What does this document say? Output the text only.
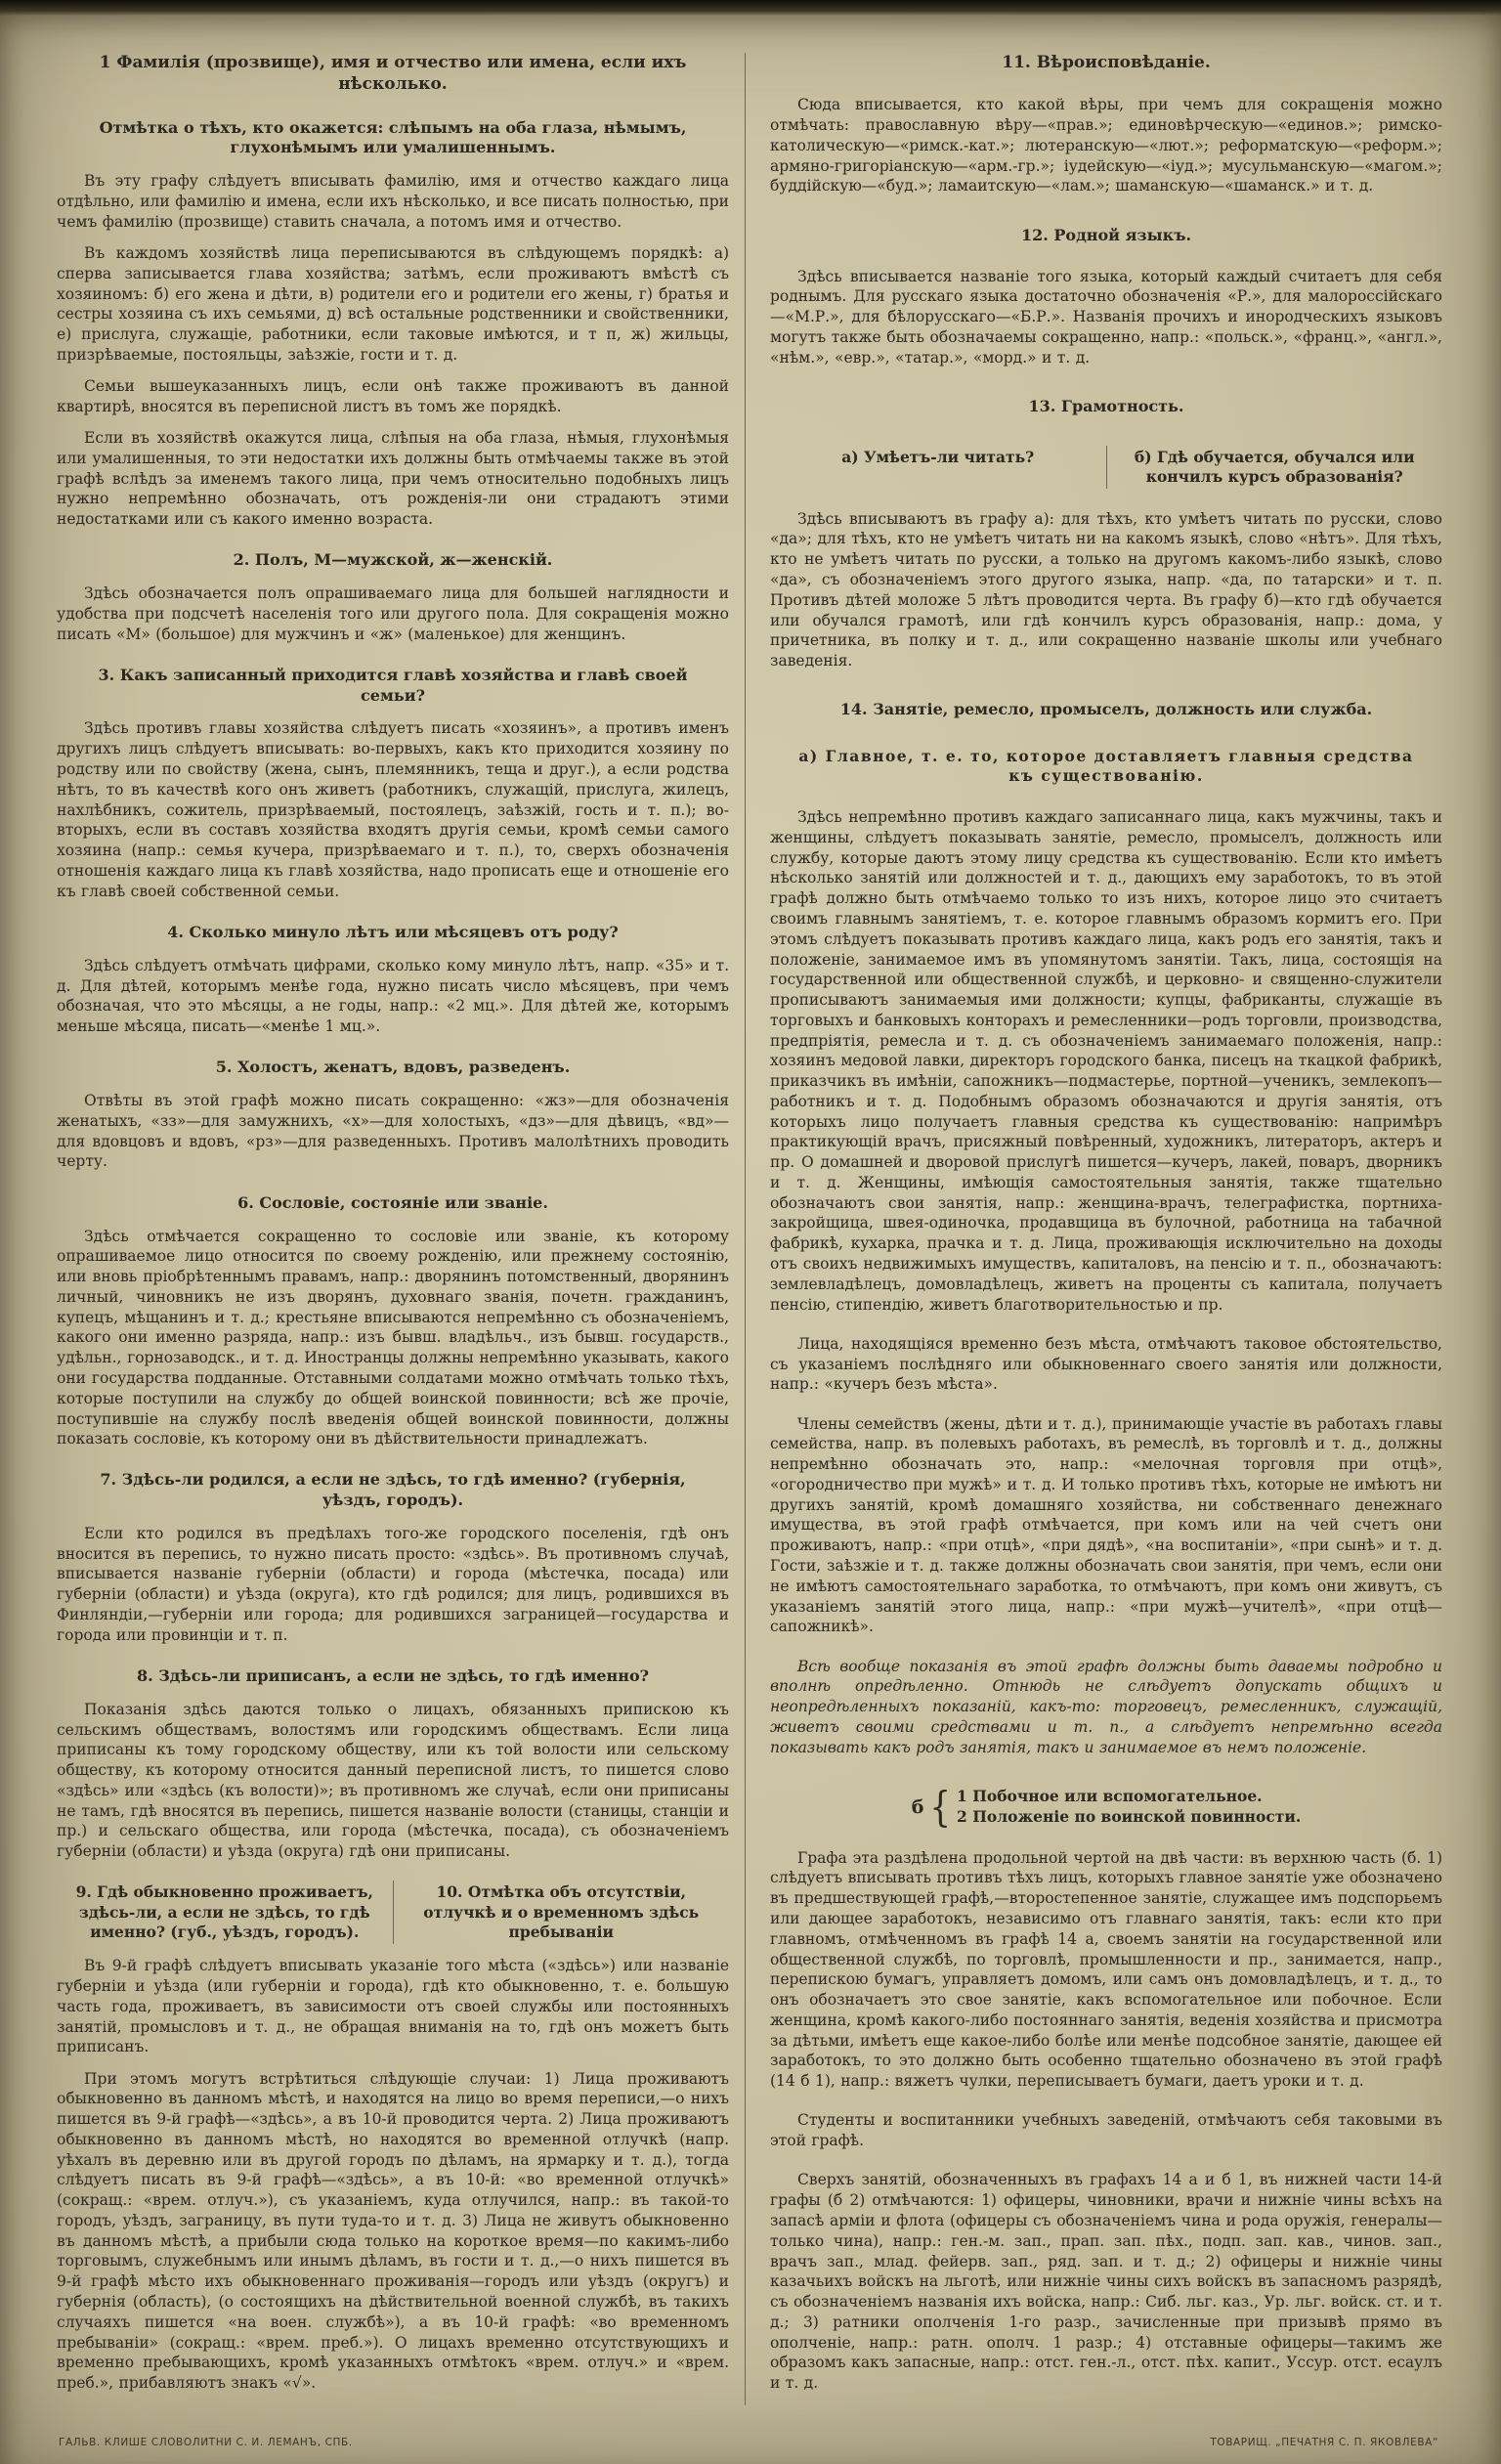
1 Фамилія (прозвище), имя и отчество или имена, если ихъ нѣсколько.
Отмѣтка о тѣхъ, кто окажется: слѣпымъ на оба глаза, нѣмымъ, глухонѣмымъ или умалишеннымъ.

Въ эту графу слѣдуетъ вписывать фамилію, имя и отчество каждаго лица отдѣльно, или фамилію и имена, если ихъ нѣсколько, и все писать полностью, при чемъ фамилію (прозвище) ставить сначала, а потомъ имя и отчество.

Въ каждомъ хозяйствѣ лица переписываются въ слѣдующемъ порядкѣ: а) сперва записывается глава хозяйства; затѣмъ, если проживаютъ вмѣстѣ съ хозяиномъ: б) его жена и дѣти, в) родители его и родители его жены, г) братья и сестры хозяина съ ихъ семьями, д) всѣ остальные родственники и свойственники, е) прислуга, служащіе, работники, если таковые имѣются, и т п, ж) жильцы, призрѣваемые, постояльцы, заѣзжіе, гости и т. д.

Семьи вышеуказанныхъ лицъ, если онѣ также проживаютъ въ данной квартирѣ, вносятся въ переписной листъ въ томъ же порядкѣ.

Если въ хозяйствѣ окажутся лица, слѣпыя на оба глаза, нѣмыя, глухонѣмыя или умалишенныя, то эти недостатки ихъ должны быть отмѣчаемы также въ этой графѣ вслѣдъ за именемъ такого лица, при чемъ относительно подобныхъ лицъ нужно непремѣнно обозначать, отъ рожденія-ли они страдаютъ этими недостатками или съ какого именно возраста.

2. Полъ, М—мужской, ж—женскій.

Здѣсь обозначается полъ опрашиваемаго лица для большей наглядности и удобства при подсчетѣ населенія того или другого пола. Для сокращенія можно писать «М» (большое) для мужчинъ и «ж» (маленькое) для женщинъ.

3. Какъ записанный приходится главѣ хозяйства и главѣ своей семьи?

Здѣсь противъ главы хозяйства слѣдуетъ писать «хозяинъ», а противъ именъ другихъ лицъ слѣдуетъ вписывать: во-первыхъ, какъ кто приходится хозяину по родству или по свойству (жена, сынъ, племянникъ, теща и друг.), а если родства нѣтъ, то въ качествѣ кого онъ живетъ (работникъ, служащій, прислуга, жилецъ, нахлѣбникъ, сожитель, призрѣваемый, постоялецъ, заѣзжій, гость и т. п.); во-вторыхъ, если въ составъ хозяйства входятъ другія семьи, кромѣ семьи самого хозяина (напр.: семья кучера, призрѣваемаго и т. п.), то, сверхъ обозначенія отношенія каждаго лица къ главѣ хозяйства, надо прописать еще и отношеніе его къ главѣ своей собственной семьи.

4. Сколько минуло лѣтъ или мѣсяцевъ отъ роду?

Здѣсь слѣдуетъ отмѣчать цифрами, сколько кому минуло лѣтъ, напр. «35» и т. д. Для дѣтей, которымъ менѣе года, нужно писать число мѣсяцевъ, при чемъ обозначая, что это мѣсяцы, а не годы, напр.: «2 мц.». Для дѣтей же, которымъ меньше мѣсяца, писать—«менѣе 1 мц.».

5. Холостъ, женатъ, вдовъ, разведенъ.

Отвѣты въ этой графѣ можно писать сокращенно: «жз»—для обозначенія женатыхъ, «зз»—для замужнихъ, «х»—для холостыхъ, «дз»—для дѣвицъ, «вд»—для вдовцовъ и вдовъ, «рз»—для разведенныхъ. Противъ малолѣтнихъ проводить черту.

6. Сословіе, состояніе или званіе.

Здѣсь отмѣчается сокращенно то сословіе или званіе, къ которому опрашиваемое лицо относится по своему рожденію, или прежнему состоянію, или вновь пріобрѣтеннымъ правамъ, напр.: дворянинъ потомственный, дворянинъ личный, чиновникъ не изъ дворянъ, духовнаго званія, почетн. гражданинъ, купецъ, мѣщанинъ и т. д.; крестьяне вписываются непремѣнно съ обозначеніемъ, какого они именно разряда, напр.: изъ бывш. владѣльч., изъ бывш. государств., удѣльн., горнозаводск., и т. д. Иностранцы должны непремѣнно указывать, какого они государства подданные. Отставными солдатами можно отмѣчать только тѣхъ, которые поступили на службу до общей воинской повинности; всѣ же прочіе, поступившіе на службу послѣ введенія общей воинской повинности, должны показать сословіе, къ которому они въ дѣйствительности принадлежатъ.

7. Здѣсь-ли родился, а если не здѣсь, то гдѣ именно? (губернія, уѣздъ, городъ).

Если кто родился въ предѣлахъ того-же городского поселенія, гдѣ онъ вносится въ перепись, то нужно писать просто: «здѣсь». Въ противномъ случаѣ, вписывается названіе губерніи (области) и города (мѣстечка, посада) или губерніи (области) и уѣзда (округа), кто гдѣ родился; для лицъ, родившихся въ Финляндіи,—губерніи или города; для родившихся заграницей—государства и города или провинціи и т. п.

8. Здѣсь-ли приписанъ, а если не здѣсь, то гдѣ именно?

Показанія здѣсь даются только о лицахъ, обязанныхъ припискою къ сельскимъ обществамъ, волостямъ или городскимъ обществамъ. Если лица приписаны къ тому городскому обществу, или къ той волости или сельскому обществу, къ которому относится данный переписной листъ, то пишется слово «здѣсь» или «здѣсь (къ волости)»; въ противномъ же случаѣ, если они приписаны не тамъ, гдѣ вносятся въ перепись, пишется названіе волости (станицы, станціи и пр.) и сельскаго общества, или города (мѣстечка, посада), съ обозначеніемъ губерніи (области) и уѣзда (округа) гдѣ они приписаны.

9. Гдѣ обыкновенно проживаетъ, здѣсь-ли, а если не здѣсь, то гдѣ именно? (губ., уѣздъ, городъ).
10. Отмѣтка объ отсутствіи, отлучкѣ и о временномъ здѣсь пребываніи

Въ 9-й графѣ слѣдуетъ вписывать указаніе того мѣста («здѣсь») или названіе губерніи и уѣзда (или губерніи и города), гдѣ кто обыкновенно, т. е. большую часть года, проживаетъ, въ зависимости отъ своей службы или постоянныхъ занятій, промысловъ и т. д., не обращая вниманія на то, гдѣ онъ можетъ быть приписанъ.

При этомъ могутъ встрѣтиться слѣдующіе случаи: 1) Лица проживаютъ обыкновенно въ данномъ мѣстѣ, и находятся на лицо во время переписи,—о нихъ пишется въ 9-й графѣ—«здѣсь», а въ 10-й проводится черта. 2) Лица проживаютъ обыкновенно въ данномъ мѣстѣ, но находятся во временной отлучкѣ (напр. уѣхалъ въ деревню или въ другой городъ по дѣламъ, на ярмарку и т. д.), тогда слѣдуетъ писать въ 9-й графѣ—«здѣсь», а въ 10-й: «во временной отлучкѣ» (сокращ.: «врем. отлуч.»), съ указаніемъ, куда отлучился, напр.: въ такой-то городъ, уѣздъ, заграницу, въ пути туда-то и т. д. 3) Лица не живутъ обыкновенно въ данномъ мѣстѣ, а прибыли сюда только на короткое время—по какимъ-либо торговымъ, служебнымъ или инымъ дѣламъ, въ гости и т. д.,—о нихъ пишется въ 9-й графѣ мѣсто ихъ обыкновеннаго проживанія—городъ или уѣздъ (округъ) и губернія (область), (о состоящихъ на дѣйствительной военной службѣ, въ такихъ случаяхъ пишется «на воен. службѣ»), а въ 10-й графѣ: «во временномъ пребываніи» (сокращ.: «врем. преб.»). О лицахъ временно отсутствующихъ и временно пребывающихъ, кромѣ указанныхъ отмѣтокъ «врем. отлуч.» и «врем. преб.», прибавляютъ знакъ «√».

11. Вѣроисповѣданіе.

Сюда вписывается, кто какой вѣры, при чемъ для сокращенія можно отмѣчать: православную вѣру—«прав.»; единовѣрческую—«единов.»; римско-католическую—«римск.-кат.»; лютеранскую—«лют.»; реформатскую—«реформ.»; армяно-григоріанскую—«арм.-гр.»; іудейскую—«іуд.»; мусульманскую—«магом.»; буддійскую—«буд.»; ламаитскую—«лам.»; шаманскую—«шаманск.» и т. д.

12. Родной языкъ.

Здѣсь вписывается названіе того языка, который каждый считаетъ для себя роднымъ. Для русскаго языка достаточно обозначенія «Р.», для малороссійскаго—«М.Р.», для бѣлорусскаго—«Б.Р.». Названія прочихъ и инородческихъ языковъ могутъ также быть обозначаемы сокращенно, напр.: «польск.», «франц.», «англ.», «нѣм.», «евр.», «татар.», «морд.» и т. д.

13. Грамотность.
а) Умѣетъ-ли читать?	б) Гдѣ обучается, обучался или кончилъ курсъ образованія?

Здѣсь вписываютъ въ графу а): для тѣхъ, кто умѣетъ читать по русски, слово «да»; для тѣхъ, кто не умѣетъ читать ни на какомъ языкѣ, слово «нѣтъ». Для тѣхъ, кто не умѣетъ читать по русски, а только на другомъ какомъ-либо языкѣ, слово «да», съ обозначеніемъ этого другого языка, напр. «да, по татарски» и т. п. Противъ дѣтей моложе 5 лѣтъ проводится черта. Въ графу б)—кто гдѣ обучается или обучался грамотѣ, или гдѣ кончилъ курсъ образованія, напр.: дома, у причетника, въ полку и т. д., или сокращенно названіе школы или учебнаго заведенія.

14. Занятіе, ремесло, промыселъ, должность или служба.
а) Главное, т. е. то, которое доставляетъ главныя средства къ существованію.

Здѣсь непремѣнно противъ каждаго записаннаго лица, какъ мужчины, такъ и женщины, слѣдуетъ показывать занятіе, ремесло, промыселъ, должность или службу, которые даютъ этому лицу средства къ существованію. Если кто имѣетъ нѣсколько занятій или должностей и т. д., дающихъ ему заработокъ, то въ этой графѣ должно быть отмѣчаемо только то изъ нихъ, которое лицо это считаетъ своимъ главнымъ занятіемъ, т. е. которое главнымъ образомъ кормитъ его. При этомъ слѣдуетъ показывать противъ каждаго лица, какъ родъ его занятія, такъ и положеніе, занимаемое имъ въ упомянутомъ занятіи. Такъ, лица, состоящія на государственной или общественной службѣ, и церковно- и священно-служители прописываютъ занимаемыя ими должности; купцы, фабриканты, служащіе въ торговыхъ и банковыхъ конторахъ и ремесленники—родъ торговли, производства, предпріятія, ремесла и т. д. съ обозначеніемъ занимаемаго положенія, напр.: хозяинъ медовой лавки, директоръ городского банка, писецъ на ткацкой фабрикѣ, приказчикъ въ имѣніи, сапожникъ—подмастерье, портной—ученикъ, землекопъ—работникъ и т. д. Подобнымъ образомъ обозначаются и другія занятія, отъ которыхъ лицо получаетъ главныя средства къ существованію: напримѣръ практикующій врачъ, присяжный повѣренный, художникъ, литераторъ, актеръ и пр. О домашней и дворовой прислугѣ пишется—кучеръ, лакей, поваръ, дворникъ и т. д. Женщины, имѣющія самостоятельныя занятія, также тщательно обозначаютъ свои занятія, напр.: женщина-врачъ, телеграфистка, портниха-закройщица, швея-одиночка, продавщица въ булочной, работница на табачной фабрикѣ, кухарка, прачка и т. д. Лица, проживающія исключительно на доходы отъ своихъ недвижимыхъ имуществъ, капиталовъ, на пенсію и т. п., обозначаютъ: землевладѣлецъ, домовладѣлецъ, живетъ на проценты съ капитала, получаетъ пенсію, стипендію, живетъ благотворительностью и пр.

Лица, находящіяся временно безъ мѣста, отмѣчаютъ таковое обстоятельство, съ указаніемъ послѣдняго или обыкновеннаго своего занятія или должности, напр.: «кучеръ безъ мѣста».

Члены семействъ (жены, дѣти и т. д.), принимающіе участіе въ работахъ главы семейства, напр. въ полевыхъ работахъ, въ ремеслѣ, въ торговлѣ и т. д., должны непремѣнно обозначать это, напр.: «мелочная торговля при отцѣ», «огородничество при мужѣ» и т. д. И только противъ тѣхъ, которые не имѣютъ ни другихъ занятій, кромѣ домашняго хозяйства, ни собственнаго денежнаго имущества, въ этой графѣ отмѣчается, при комъ или на чей счетъ они проживаютъ, напр.: «при отцѣ», «при дядѣ», «на воспитаніи», «при сынѣ» и т. д. Гости, заѣзжіе и т. д. также должны обозначать свои занятія, при чемъ, если они не имѣютъ самостоятельнаго заработка, то отмѣчаютъ, при комъ они живутъ, съ указаніемъ занятій этого лица, напр.: «при мужѣ—учителѣ», «при отцѣ—сапожникѣ».

Всѣ вообще показанія въ этой графѣ должны быть даваемы подробно и вполнѣ опредѣленно. Отнюдь не слѣдуетъ допускать общихъ и неопредѣленныхъ показаній, какъ-то: торговецъ, ремесленникъ, служащій, живетъ своими средствами и т. п., а слѣдуетъ непремѣнно всегда показывать какъ родъ занятія, такъ и занимаемое въ немъ положеніе.

б { 1 Побочное или вспомогательное.
2 Положеніе по воинской повинности.

Графа эта раздѣлена продольной чертой на двѣ части: въ верхнюю часть (б. 1) слѣдуетъ вписывать противъ тѣхъ лицъ, которыхъ главное занятіе уже обозначено въ предшествующей графѣ,—второстепенное занятіе, служащее имъ подспорьемъ или дающее заработокъ, независимо отъ главнаго занятія, такъ: если кто при главномъ, отмѣченномъ въ графѣ 14 а, своемъ занятіи на государственной или общественной службѣ, по торговлѣ, промышленности и пр., занимается, напр., перепискою бумагъ, управляетъ домомъ, или самъ онъ домовладѣлецъ, и т. д., то онъ обозначаетъ это свое занятіе, какъ вспомогательное или побочное. Если женщина, кромѣ какого-либо постояннаго занятія, веденія хозяйства и присмотра за дѣтьми, имѣетъ еще какое-либо болѣе или менѣе подсобное занятіе, дающее ей заработокъ, то это должно быть особенно тщательно обозначено въ этой графѣ (14 б 1), напр.: вяжетъ чулки, переписываетъ бумаги, даетъ уроки и т. д.

Студенты и воспитанники учебныхъ заведеній, отмѣчаютъ себя таковыми въ этой графѣ.

Сверхъ занятій, обозначенныхъ въ графахъ 14 а и б 1, въ нижней части 14-й графы (б 2) отмѣчаются: 1) офицеры, чиновники, врачи и нижніе чины всѣхъ на запасѣ арміи и флота (офицеры съ обозначеніемъ чина и рода оружія, генералы—только чина), напр.: ген.-м. зап., прап. зап. пѣх., подп. зап. кав., чинов. зап., врачъ зап., млад. фейерв. зап., ряд. зап. и т. д.; 2) офицеры и нижніе чины казачьихъ войскъ на льготѣ, или нижніе чины сихъ войскъ въ запасномъ разрядѣ, съ обозначеніемъ названія ихъ войска, напр.: Сиб. льг. каз., Ур. льг. войск. ст. и т. д.; 3) ратники ополченія 1-го разр., зачисленные при призывѣ прямо въ ополченіе, напр.: ратн. ополч. 1 разр.; 4) отставные офицеры—такимъ же образомъ какъ запасные, напр.: отст. ген.-л., отст. пѣх. капит., Уссур. отст. есаулъ и т. д.

ГАЛЬВ. КЛИШЕ СЛОВОЛИТНИ С. И. ЛЕМАНЪ, СПБ.	ТОВАРИЩ. „ПЕЧАТНЯ С. П. ЯКОВЛЕВА“
